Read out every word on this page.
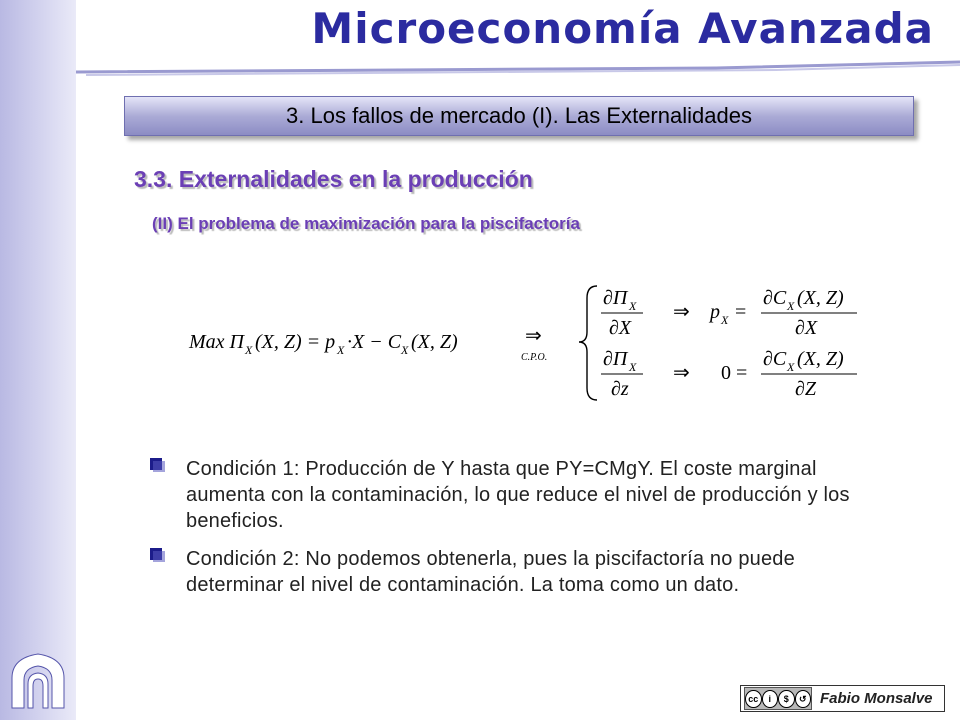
Microeconomía Avanzada
3. Los fallos de mercado (I). Las Externalidades
3.3. Externalidades en la producción
(II) El problema de maximización para la piscifactoría
Max Π X (X, Z) = p X ·X − C X (X, Z)	⇒
C.P.O.
∂Π X
∂X
⇒ p X =
∂C X (X, Z)
∂X
∂Π X
∂z
⇒ 0 =
∂C X (X, Z)
∂Z
Condición 1: Producción de Y hasta que PY=CMgY. El coste marginal aumenta con la contaminación, lo que reduce el nivel de producción y los beneficios.
Condición 2: No podemos obtenerla, pues la piscifactoría no puede determinar el nivel de contaminación. La toma como un dato.
cc	i	$	↺ Fabio Monsalve
